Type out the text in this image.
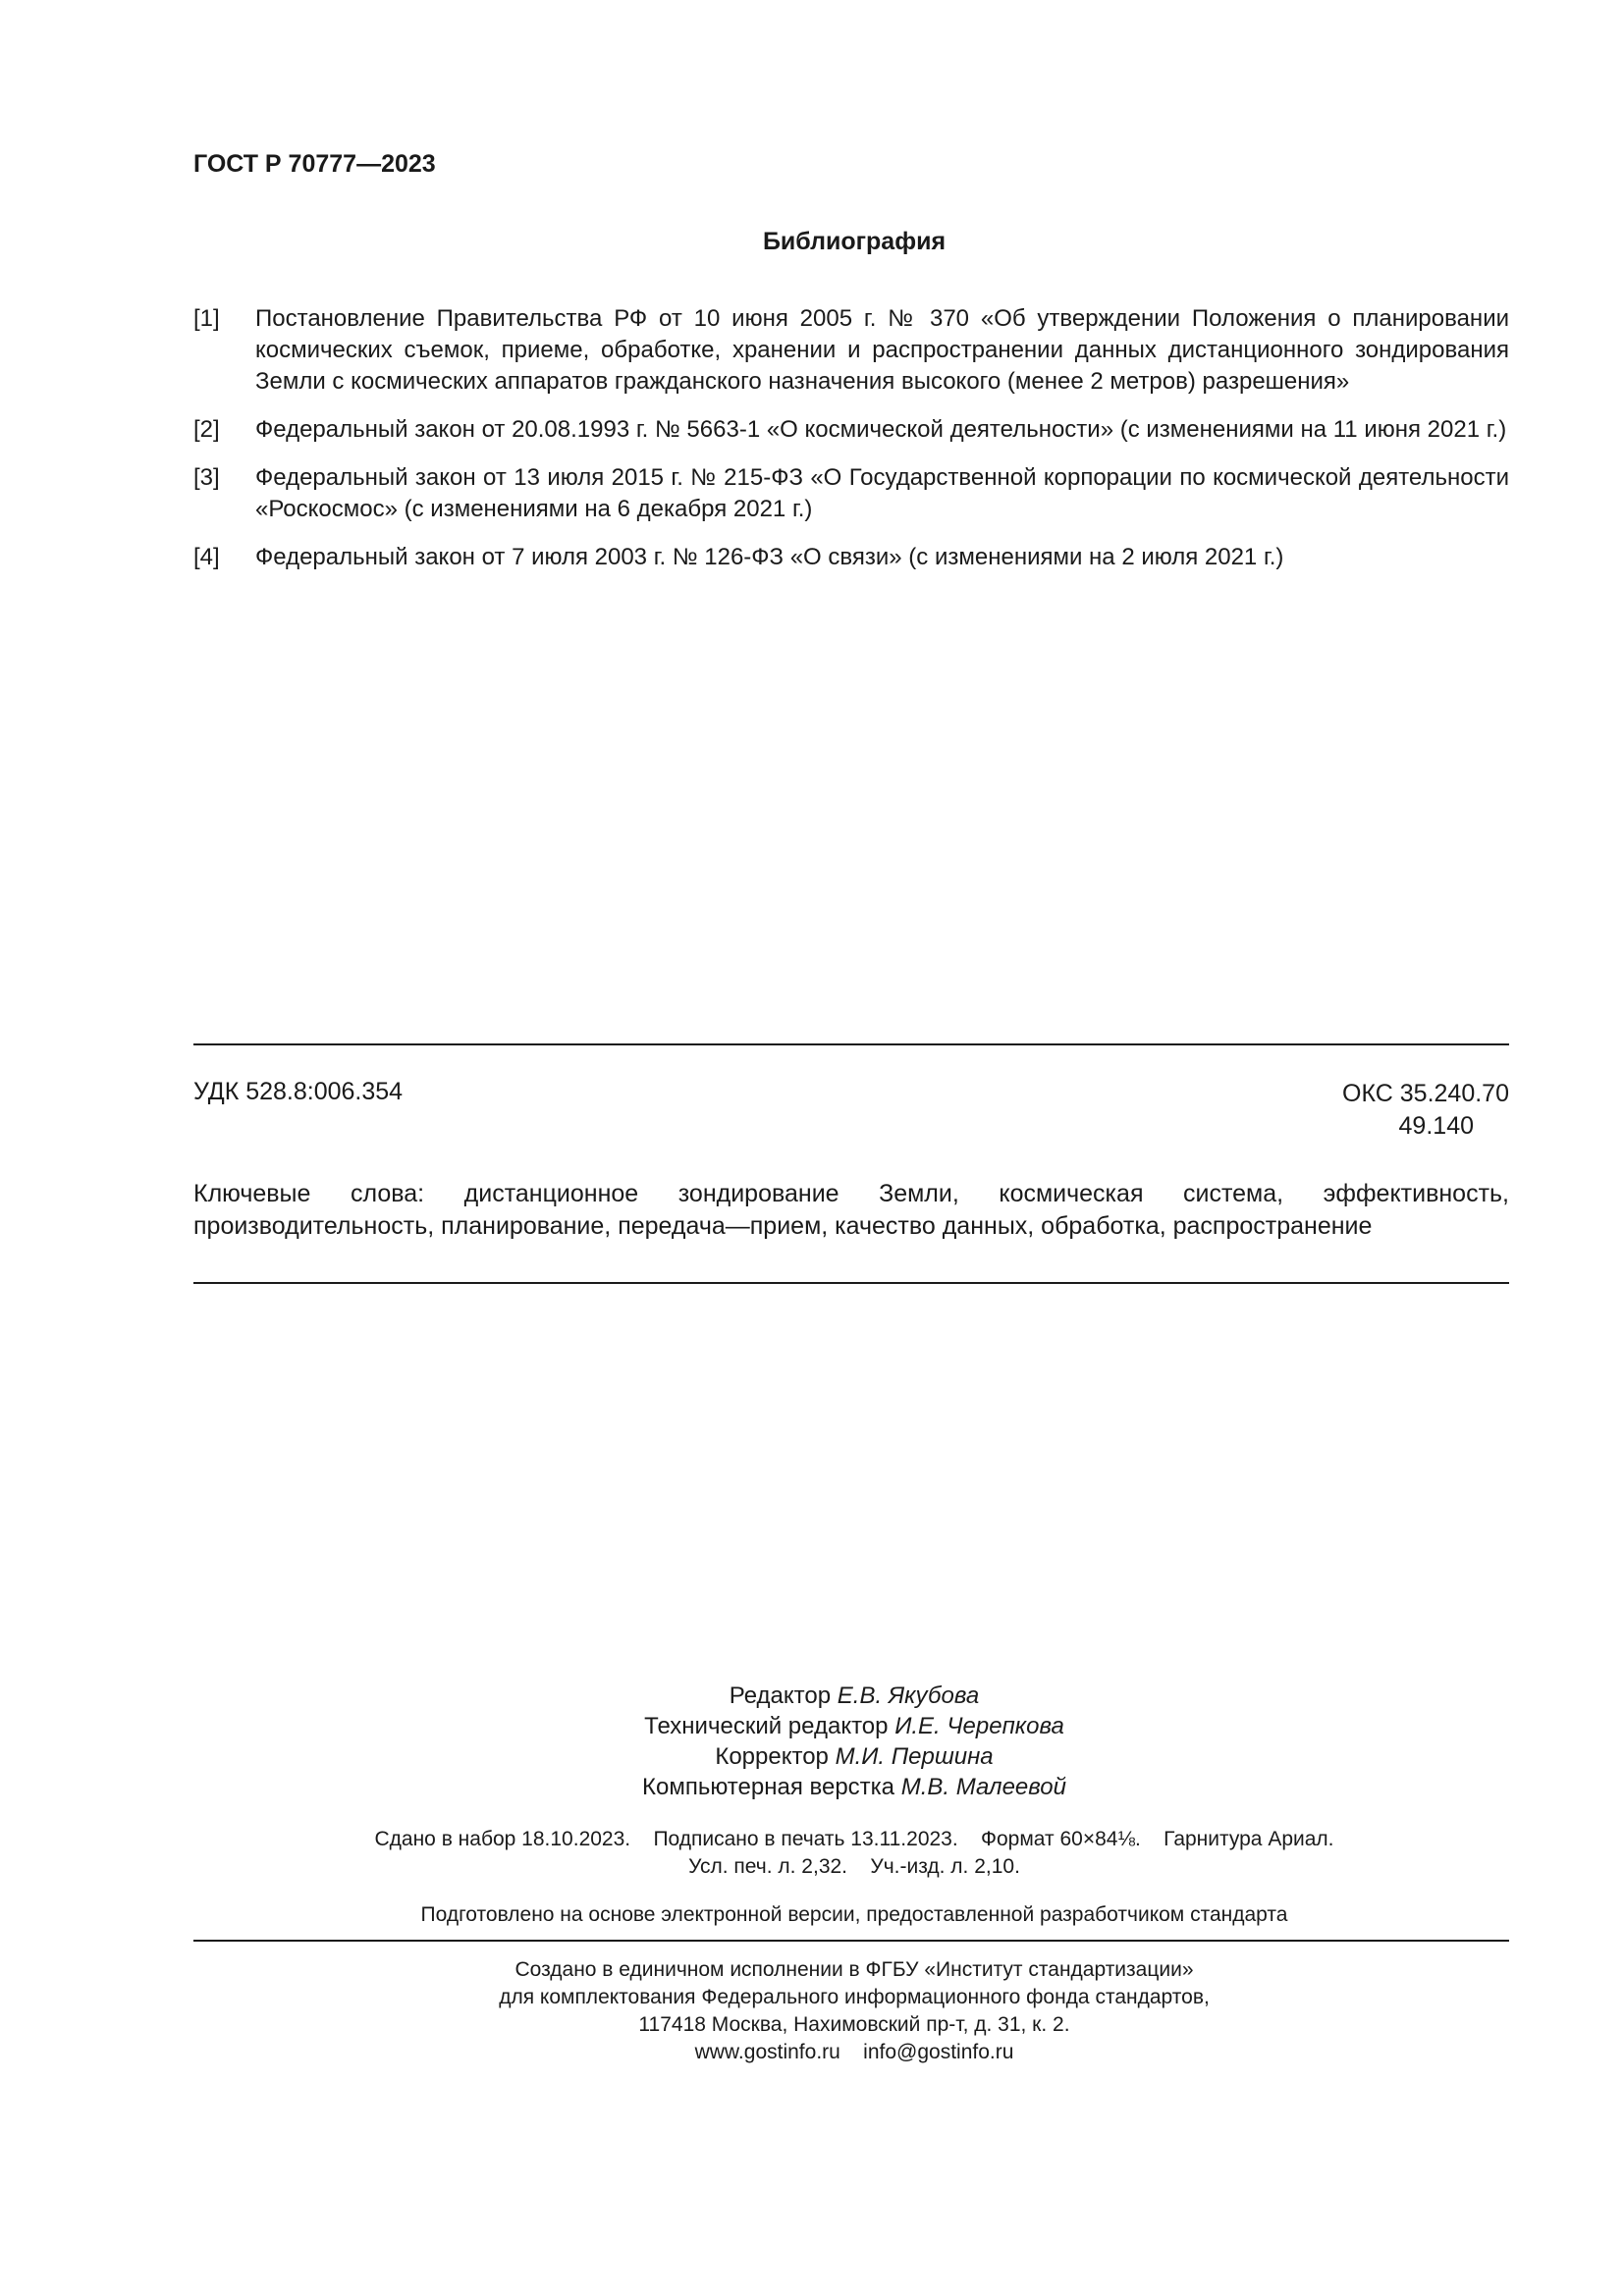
ГОСТ Р 70777—2023
Библиография
[1] Постановление Правительства РФ от 10 июня 2005 г. № 370 «Об утверждении Положения о планировании космических съемок, приеме, обработке, хранении и распространении данных дистанционного зондирования Земли с космических аппаратов гражданского назначения высокого (менее 2 метров) разрешения»
[2] Федеральный закон от 20.08.1993 г. № 5663-1 «О космической деятельности» (с изменениями на 11 июня 2021 г.)
[3] Федеральный закон от 13 июля 2015 г. № 215-ФЗ «О Государственной корпорации по космической деятельности «Роскосмос» (с изменениями на 6 декабря 2021 г.)
[4] Федеральный закон от 7 июля 2003 г. № 126-ФЗ «О связи» (с изменениями на 2 июля 2021 г.)
УДК 528.8:006.354	ОКС 35.240.70
49.140
Ключевые слова: дистанционное зондирование Земли, космическая система, эффективность, производительность, планирование, передача—прием, качество данных, обработка, распространение
Редактор Е.В. Якубова
Технический редактор И.Е. Черепкова
Корректор М.И. Першина
Компьютерная верстка М.В. Малеевой
Сдано в набор 18.10.2023.    Подписано в печать 13.11.2023.    Формат 60×84⅛.    Гарнитура Ариал.
Усл. печ. л. 2,32.    Уч.-изд. л. 2,10.
Подготовлено на основе электронной версии, предоставленной разработчиком стандарта
Создано в единичном исполнении в ФГБУ «Институт стандартизации»
для комплектования Федерального информационного фонда стандартов,
117418 Москва, Нахимовский пр-т, д. 31, к. 2.
www.gostinfo.ru    info@gostinfo.ru
